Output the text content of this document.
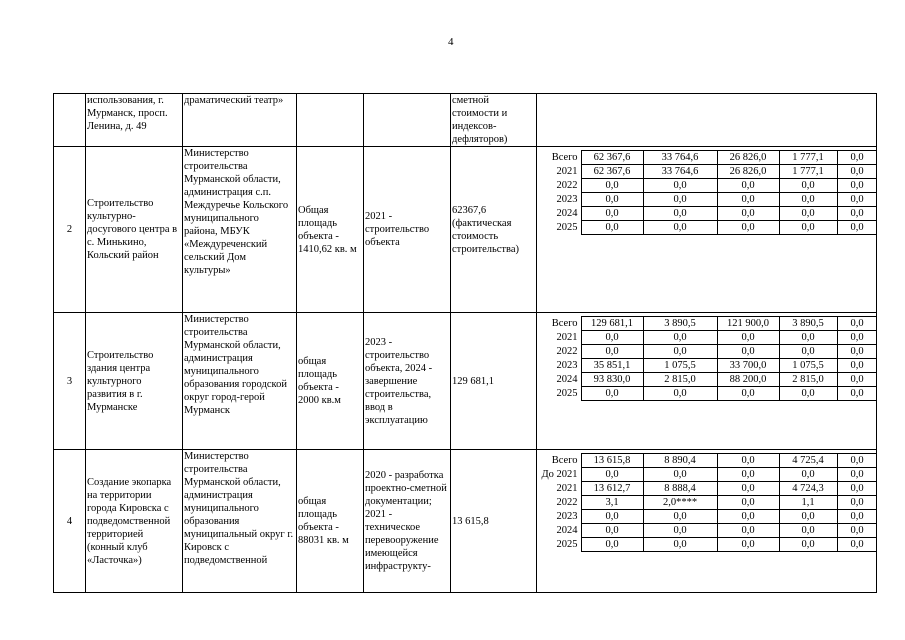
4
	использования, г. Мурманск, просп. Ленина, д. 49	драматический театр»			сметной стоимости и индексов-дефляторов)	
2	Строительство культурно-досугового центра в с. Минькино, Кольский район	Министерство строительства Мурманской области, администрация с.п. Междуречье Кольского муниципального района, МБУК «Междуреченский сельский Дом культуры»	Общая площадь объекта - 1410,62 кв. м	2021 - строительство объекта	62367,6 (фактическая стоимость строительства)	
Всего	62 367,6	33 764,6	26 826,0	1 777,1	0,0
2021	62 367,6	33 764,6	26 826,0	1 777,1	0,0
2022	0,0	0,0	0,0	0,0	0,0
2023	0,0	0,0	0,0	0,0	0,0
2024	0,0	0,0	0,0	0,0	0,0
2025	0,0	0,0	0,0	0,0	0,0

3	Строительство здания центра культурного развития в г. Мурманске	Министерство строительства Мурманской области, администрация муниципального образования городской округ город-герой Мурманск	общая площадь объекта - 2000 кв.м	2023 - строительство объекта, 2024 - завершение строительства, ввод в эксплуатацию	129 681,1	
Всего	129 681,1	3 890,5	121 900,0	3 890,5	0,0
2021	0,0	0,0	0,0	0,0	0,0
2022	0,0	0,0	0,0	0,0	0,0
2023	35 851,1	1 075,5	33 700,0	1 075,5	0,0
2024	93 830,0	2 815,0	88 200,0	2 815,0	0,0
2025	0,0	0,0	0,0	0,0	0,0

4	Создание экопарка на территории города Кировска с подведомственной территорией (конный клуб «Ласточка»)	Министерство строительства Мурманской области, администрация муниципального образования муниципальный округ г. Кировск с подведомственной	общая площадь объекта - 88031 кв. м	2020 - разработка проектно-сметной документации; 2021 - техническое перевооружение имеющейся инфраструкту-	13 615,8	
Всего	13 615,8	8 890,4	0,0	4 725,4	0,0
До 2021	0,0	0,0	0,0	0,0	0,0
2021	13 612,7	8 888,4	0,0	4 724,3	0,0
2022	3,1	2,0****	0,0	1,1	0,0
2023	0,0	0,0	0,0	0,0	0,0
2024	0,0	0,0	0,0	0,0	0,0
2025	0,0	0,0	0,0	0,0	0,0
